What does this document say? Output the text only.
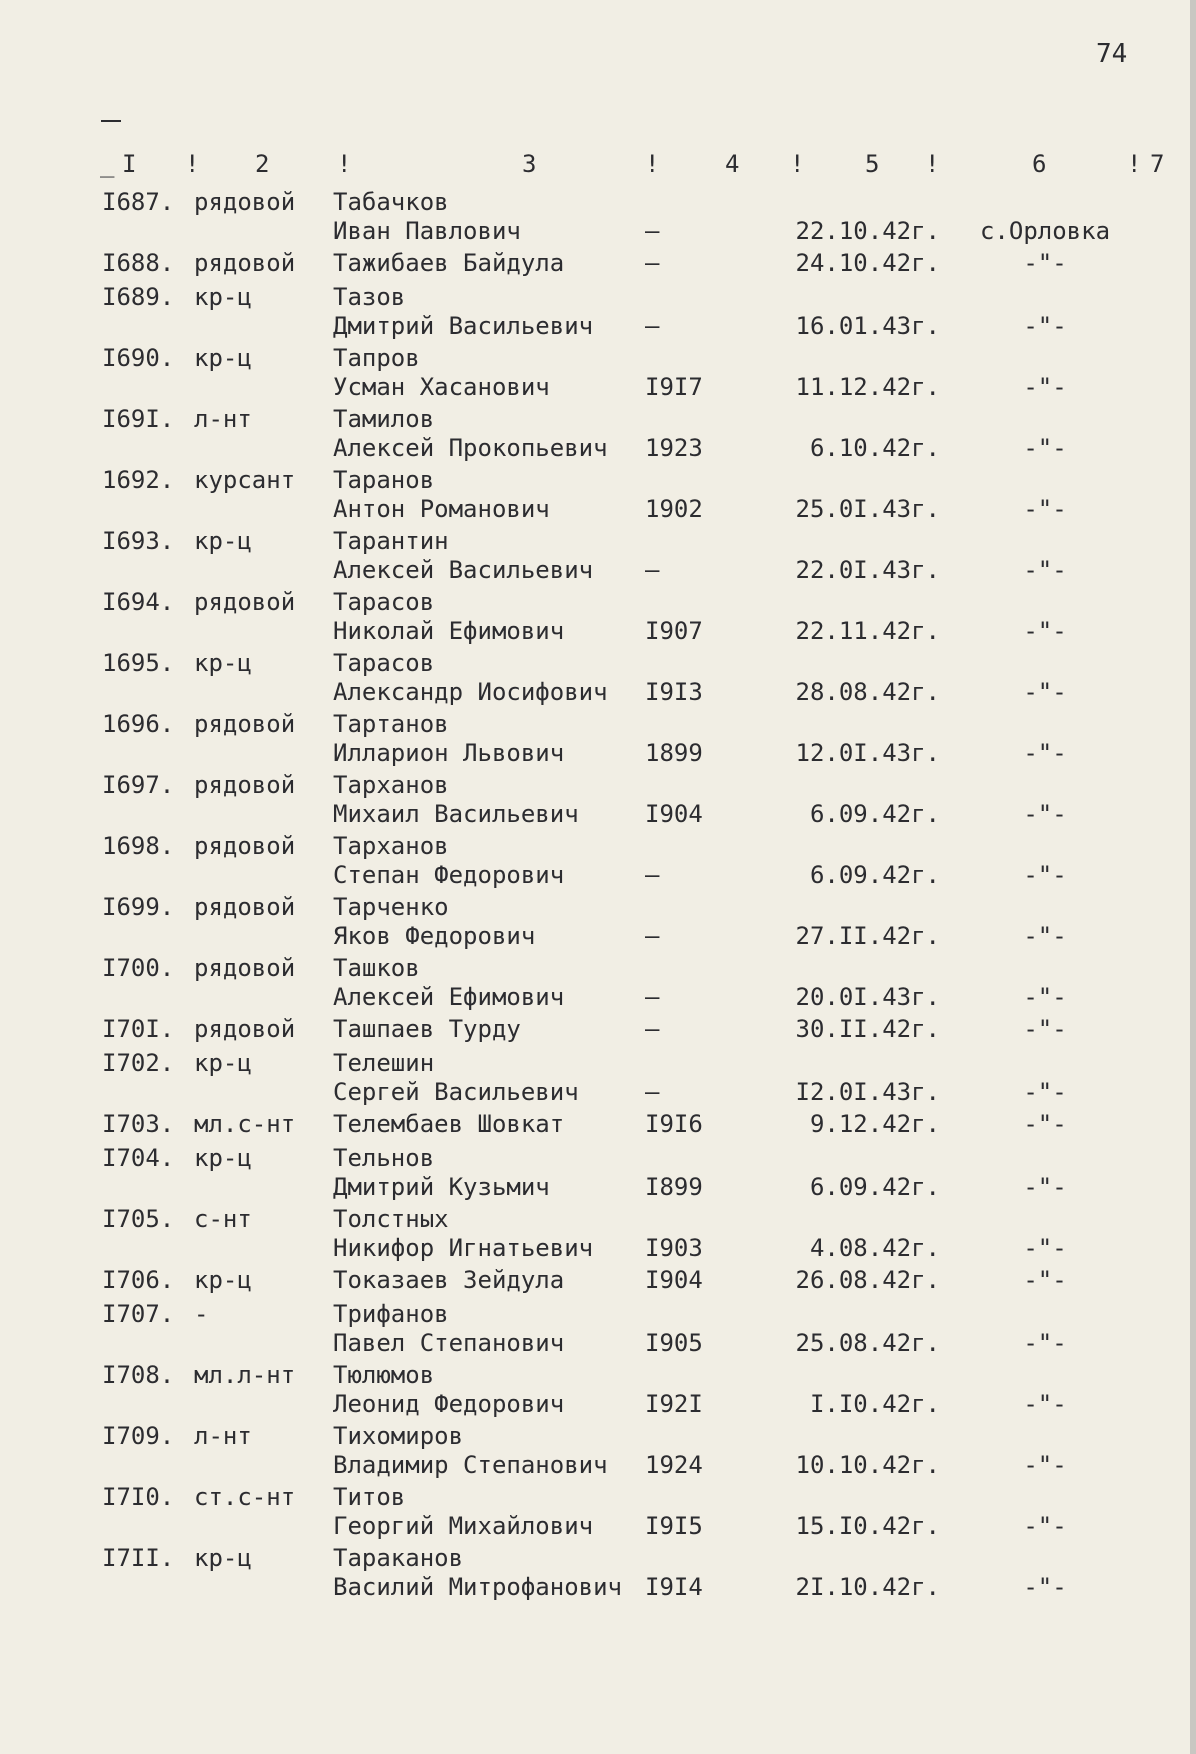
74
_ I ! 2	!	3	!	4 !	5 !	6	! 7
I687. рядовой Табачков
Иван Павлович	–	22.10.42г.	с.Орловка
I688. рядовой Тажибаев Байдула	–	24.10.42г.	-"-
I689. кр-ц	Тазов
Дмитрий Васильевич –	16.01.43г.	-"-
I690. кр-ц	Тапров
Усман Хасанович	I9I7	11.12.42г.	-"-
I69I. л-нт	Тамилов
Алексей Прокопьевич 1923	6.10.42г.	-"-
1692. курсант Таранов
Антон Романович	1902	25.0I.43г.	-"-
I693. кр-ц	Тарантин
Алексей Васильевич –	22.0I.43г.	-"-
I694. рядовой Тарасов
Николай Ефимович	I907	22.11.42г.	-"-
1695. кр-ц	Тарасов
Александр Иосифович I9I3	28.08.42г.	-"-
1696. рядовой Тартанов
Илларион Львович	1899	12.0I.43г.	-"-
I697. рядовой Тарханов
Михаил Васильевич	I904	6.09.42г.	-"-
1698. рядовой Тарханов
Степан Федорович	–	6.09.42г.	-"-
I699. рядовой Тарченко
Яков Федорович	–	27.II.42г.	-"-
I700. рядовой Ташков
Алексей Ефимович	–	20.0I.43г.	-"-
I70I. рядовой Ташпаев Турду	–	30.II.42г.	-"-
I702. кр-ц	Телешин
Сергей Васильевич	–	I2.0I.43г.	-"-
I703. мл.с-нт Телембаев Шовкат	I9I6	9.12.42г.	-"-
I704. кр-ц	Тельнов
Дмитрий Кузьмич	I899	6.09.42г.	-"-
I705. с-нт	Толстных
Никифор Игнатьевич I903	4.08.42г.	-"-
I706. кр-ц	Токазаев Зейдула	I904	26.08.42г.	-"-
I707. -	Трифанов
Павел Степанович	I905	25.08.42г.	-"-
I708. мл.л-нт Тюлюмов
Леонид Федорович	I92I	I.I0.42г.	-"-
I709. л-нт	Тихомиров
Владимир Степанович 1924	10.10.42г.	-"-
I7I0. ст.с-нт Титов
Георгий Михайлович I9I5	15.I0.42г.	-"-
I7II. кр-ц	Тараканов
Василий Митрофанович I9I4	2I.10.42г.	-"-
